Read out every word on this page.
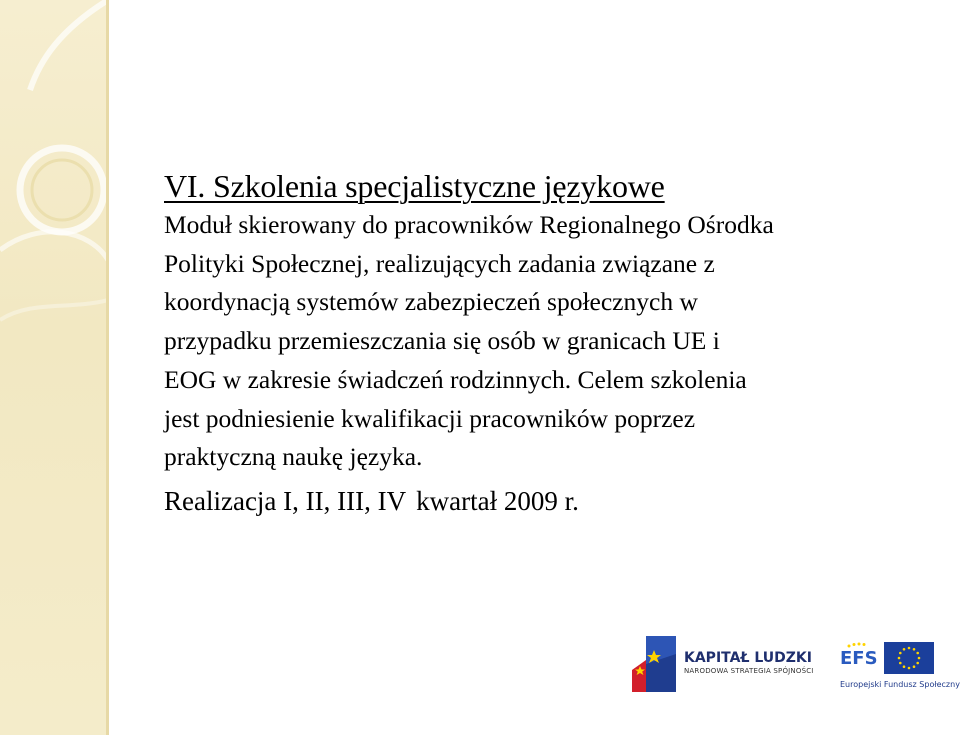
VI. Szkolenia specjalistyczne językowe

Moduł skierowany do pracowników Regionalnego Ośrodka

Polityki Społecznej, realizujących zadania związane z

koordynacją systemów zabezpieczeń społecznych w

przypadku przemieszczania się osób w granicach UE i

EOG w zakresie świadczeń rodzinnych. Celem szkolenia

jest podniesienie kwalifikacji pracowników poprzez

praktyczną naukę języka.

Realizacja I, II, III, IV kwartał 2009 r.
KAPITAŁ LUDZKI
NARODOWA STRATEGIA SPÓJNOŚCI
EFS
Europejski Fundusz Społeczny
